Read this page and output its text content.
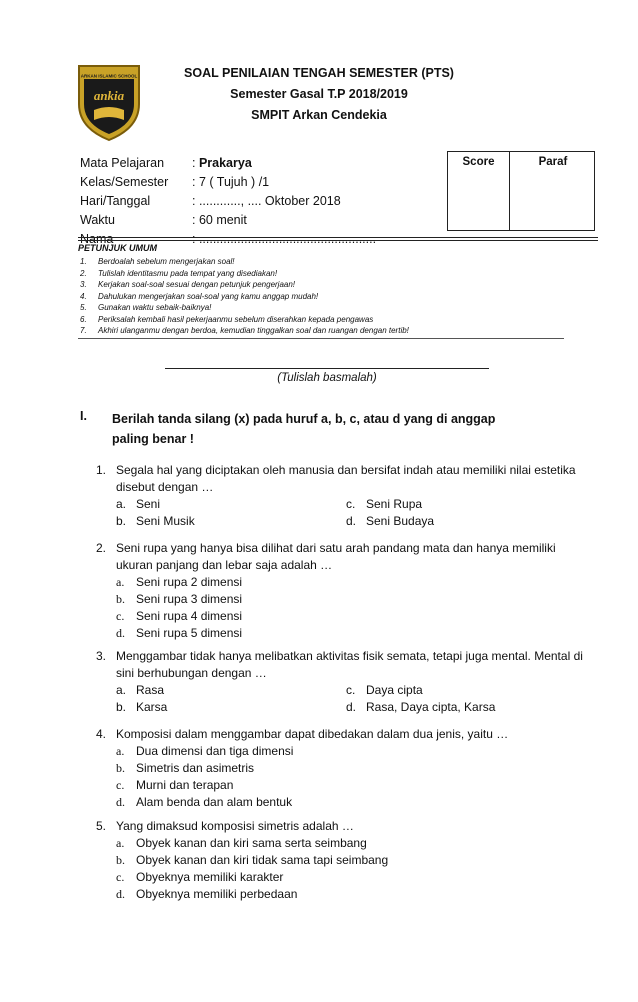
ARKAN ISLAMIC SCHOOL
ankia
SOAL PENILAIAN TENGAH SEMESTER (PTS)
Semester Gasal T.P 2018/2019
SMPIT Arkan Cendekia
Mata Pelajaran	: Prakarya
Kelas/Semester	: 7 ( Tujuh ) /1
Hari/Tanggal	: ............, .... Oktober 2018
Waktu	: 60 menit
Nama	: ...................................................
Score	Paraf
PETUNJUK UMUM
1. Berdoalah sebelum mengerjakan soal!
2. Tulislah identitasmu pada tempat yang disediakan!
3. Kerjakan soal-soal sesuai dengan petunjuk pengerjaan!
4. Dahulukan mengerjakan soal-soal yang kamu anggap mudah!
5. Gunakan waktu sebaik-baiknya!
6. Periksalah kembali hasil pekerjaanmu sebelum diserahkan kepada pengawas
7. Akhiri ulanganmu dengan berdoa, kemudian tinggalkan soal dan ruangan dengan tertib!
(Tulislah basmalah)
I. Berilah tanda silang (x) pada huruf a, b, c, atau d yang di anggap paling benar !
1. Segala hal yang diciptakan oleh manusia dan bersifat indah atau memiliki nilai estetika disebut dengan …
a. Seni	c. Seni Rupa
b. Seni Musik	d. Seni Budaya
2. Seni rupa yang hanya bisa dilihat dari satu arah pandang mata dan hanya memiliki ukuran panjang dan lebar saja adalah …
a. Seni rupa 2 dimensi
b. Seni rupa 3 dimensi
c. Seni rupa 4 dimensi
d. Seni rupa 5 dimensi
3. Menggambar tidak hanya melibatkan aktivitas fisik semata, tetapi juga mental. Mental di sini berhubungan dengan …
a. Rasa	c. Daya cipta
b. Karsa	d. Rasa, Daya cipta, Karsa
4. Komposisi dalam menggambar dapat dibedakan dalam dua jenis, yaitu …
a. Dua dimensi dan tiga dimensi
b. Simetris dan asimetris
c. Murni dan terapan
d. Alam benda dan alam bentuk
5. Yang dimaksud komposisi simetris adalah …
a. Obyek kanan dan kiri sama serta seimbang
b. Obyek kanan dan kiri tidak sama tapi seimbang
c. Obyeknya memiliki karakter
d. Obyeknya memiliki perbedaan
